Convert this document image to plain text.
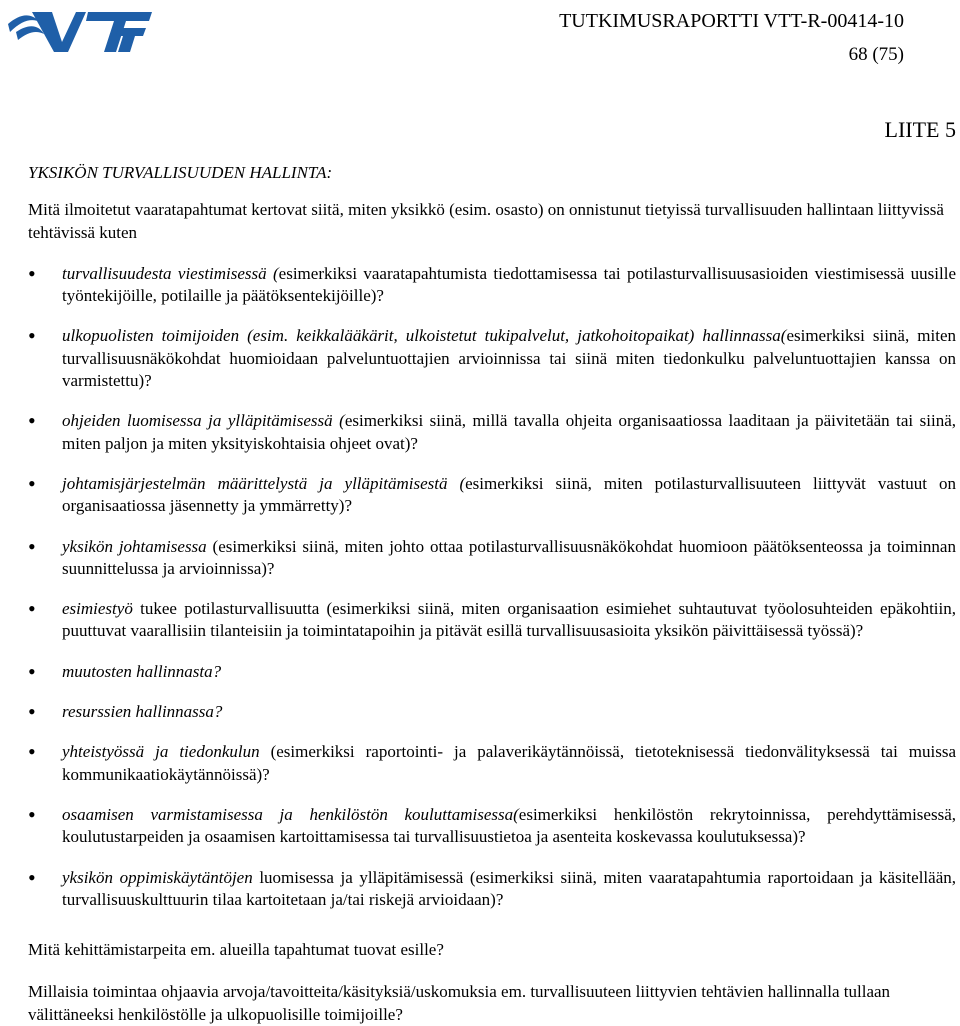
TUTKIMUSRAPORTTI VTT-R-00414-10
68 (75)
LIITE 5

YKSIKÖN TURVALLISUUDEN HALLINTA:

Mitä ilmoitetut vaaratapahtumat kertovat siitä, miten yksikkö (esim. osasto) on onnistunut tietyissä turvallisuuden hallintaan liittyvissä tehtävissä kuten

• turvallisuudesta viestimisessä (esimerkiksi vaaratapahtumista tiedottamisessa tai potilasturvallisuusasioiden viestimisessä uusille työntekijöille, potilaille ja päätöksentekijöille)?
• ulkopuolisten toimijoiden (esim. keikkalääkärit, ulkoistetut tukipalvelut, jatkohoitopaikat) hallinnassa(esimerkiksi siinä, miten turvallisuusnäkökohdat huomioidaan palveluntuottajien arvioinnissa tai siinä miten tiedonkulku palveluntuottajien kanssa on varmistettu)?
• ohjeiden luomisessa ja ylläpitämisessä (esimerkiksi siinä, millä tavalla ohjeita organisaatiossa laaditaan ja päivitetään tai siinä, miten paljon ja miten yksityiskohtaisia ohjeet ovat)?
• johtamisjärjestelmän määrittelystä ja ylläpitämisestä (esimerkiksi siinä, miten potilasturvallisuuteen liittyvät vastuut on organisaatiossa jäsennetty ja ymmärretty)?
• yksikön johtamisessa (esimerkiksi siinä, miten johto ottaa potilasturvallisuusnäkökohdat huomioon päätöksenteossa ja toiminnan suunnittelussa ja arvioinnissa)?
• esimiestyö tukee potilasturvallisuutta (esimerkiksi siinä, miten organisaation esimiehet suhtautuvat työolosuhteiden epäkohtiin, puuttuvat vaarallisiin tilanteisiin ja toimintatapoihin ja pitävät esillä turvallisuusasioita yksikön päivittäisessä työssä)?
• muutosten hallinnasta?
• resurssien hallinnassa?
• yhteistyössä ja tiedonkulun (esimerkiksi raportointi- ja palaverikäytännöissä, tietoteknisessä tiedonvälityksessä tai muissa kommunikaatiokäytännöissä)?
• osaamisen varmistamisessa ja henkilöstön kouluttamisessa(esimerkiksi henkilöstön rekrytoinnissa, perehdyttämisessä, koulutustarpeiden ja osaamisen kartoittamisessa tai turvallisuustietoa ja asenteita koskevassa koulutuksessa)?
• yksikön oppimiskäytäntöjen luomisessa ja ylläpitämisessä (esimerkiksi siinä, miten vaaratapahtumia raportoidaan ja käsitellään, turvallisuuskulttuurin tilaa kartoitetaan ja/tai riskejä arvioidaan)?

Mitä kehittämistarpeita em. alueilla tapahtumat tuovat esille?

Millaisia toimintaa ohjaavia arvoja/tavoitteita/käsityksiä/uskomuksia em. turvallisuuteen liittyvien tehtävien hallinnalla tullaan välittäneeksi henkilöstölle ja ulkopuolisille toimijoille?
